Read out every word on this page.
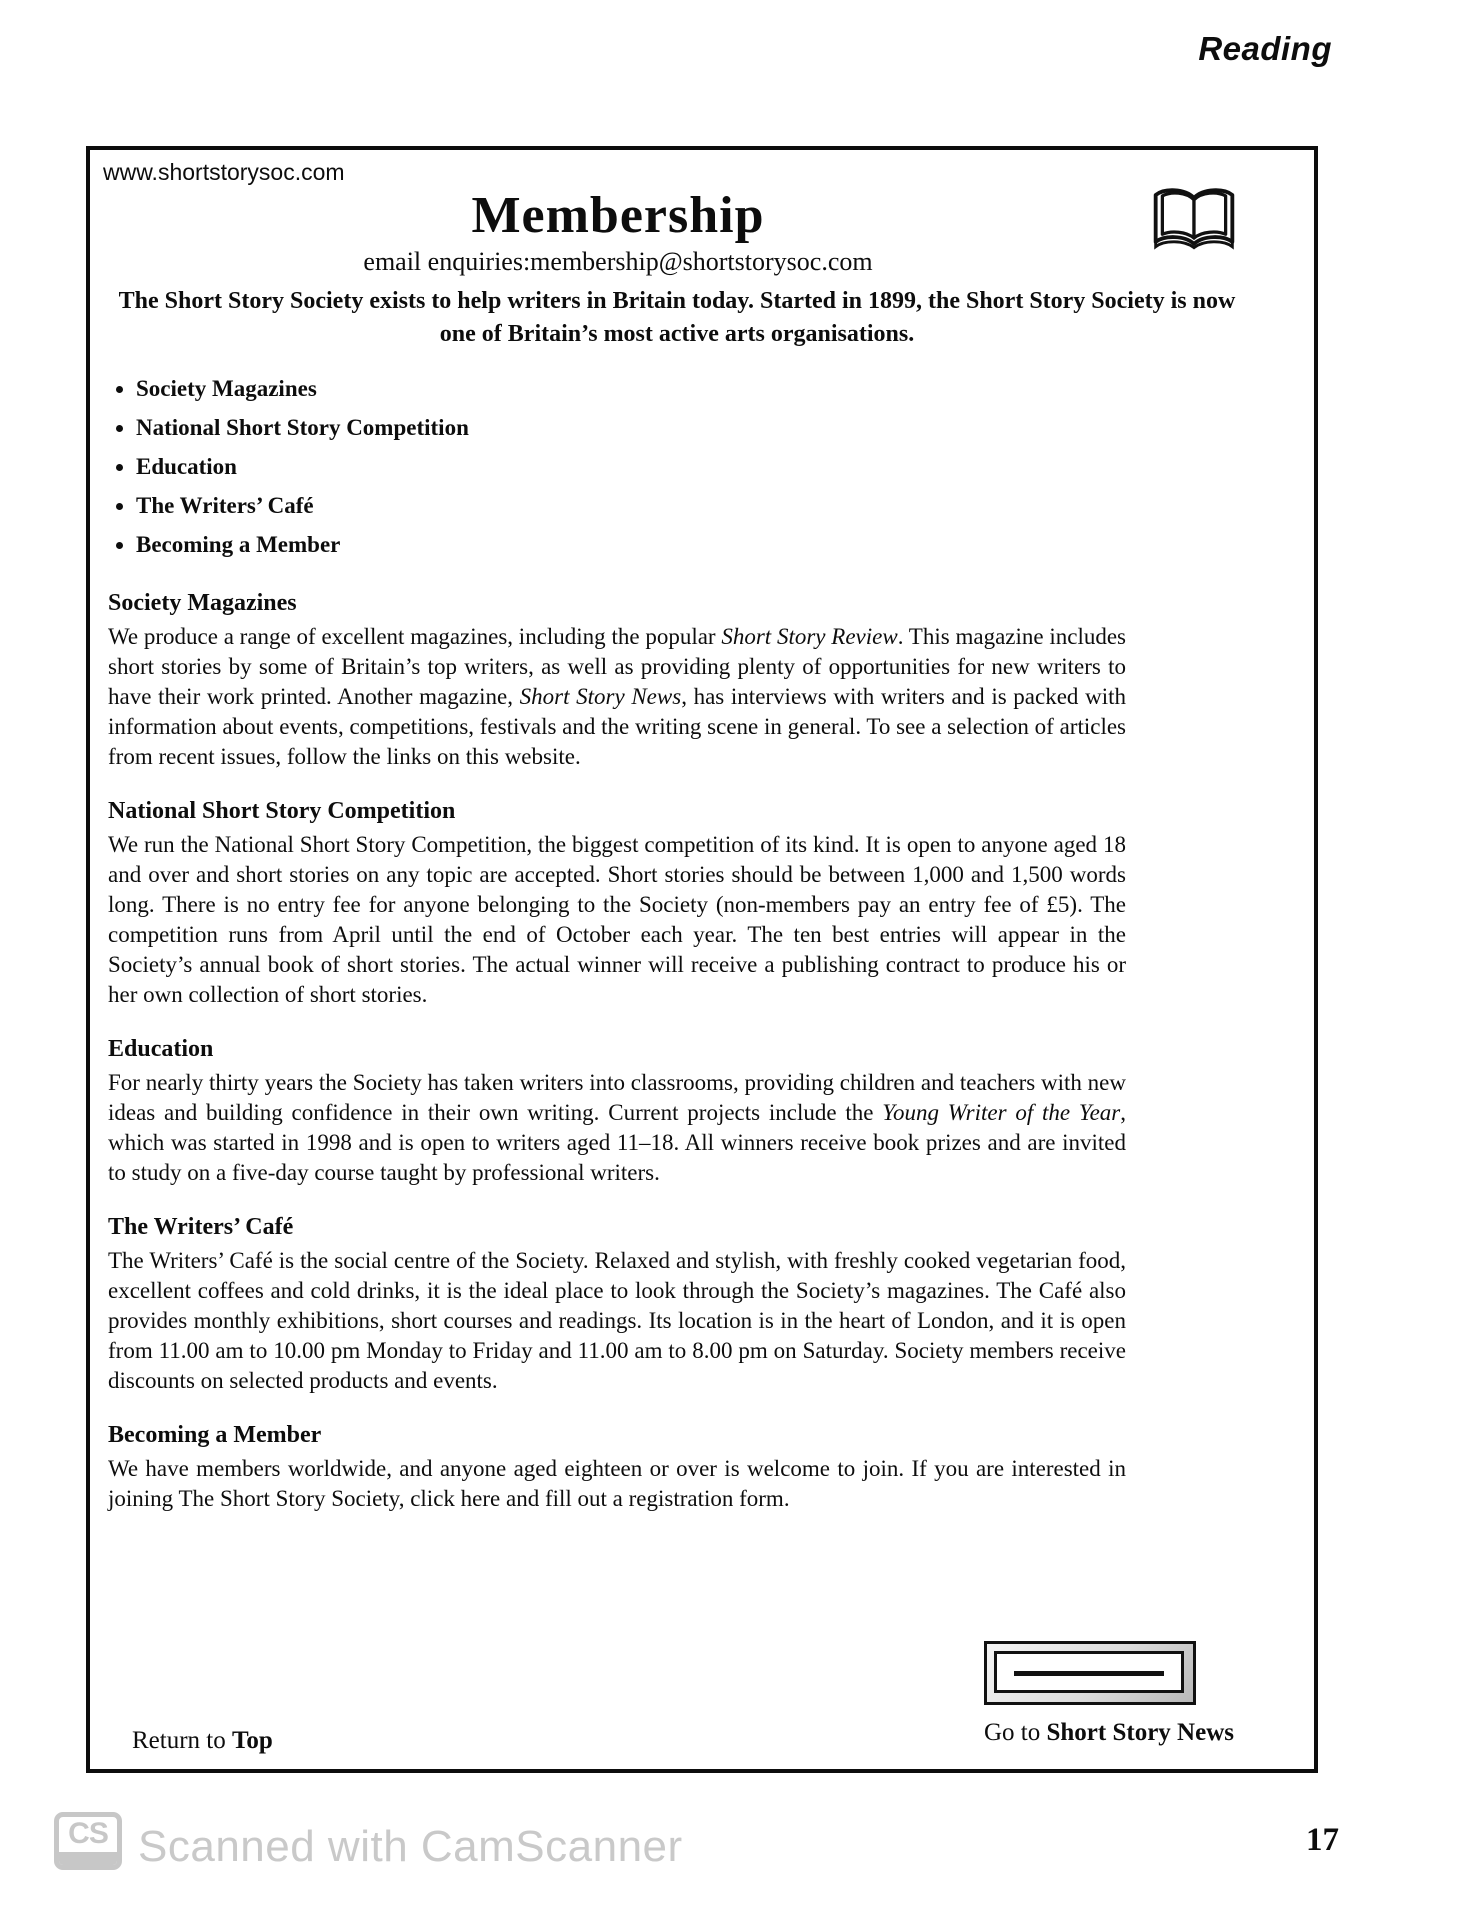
Reading
www.shortstorysoc.com
Membership
email enquiries:membership@shortstorysoc.com
The Short Story Society exists to help writers in Britain today. Started in 1899, the Short Story Society is now one of Britain’s most active arts organisations.
• Society Magazines
• National Short Story Competition
• Education
• The Writers’ Café
• Becoming a Member
Society Magazines

We produce a range of excellent magazines, including the popular Short Story Review. This magazine includes short stories by some of Britain’s top writers, as well as providing plenty of opportunities for new writers to have their work printed. Another magazine, Short Story News, has interviews with writers and is packed with information about events, competitions, festivals and the writing scene in general. To see a selection of articles from recent issues, follow the links on this website.

National Short Story Competition

We run the National Short Story Competition, the biggest competition of its kind. It is open to anyone aged 18 and over and short stories on any topic are accepted. Short stories should be between 1,000 and 1,500 words long. There is no entry fee for anyone belonging to the Society (non-members pay an entry fee of £5). The competition runs from April until the end of October each year. The ten best entries will appear in the Society’s annual book of short stories. The actual winner will receive a publishing contract to produce his or her own collection of short stories.

Education

For nearly thirty years the Society has taken writers into classrooms, providing children and teachers with new ideas and building confidence in their own writing. Current projects include the Young Writer of the Year, which was started in 1998 and is open to writers aged 11–18. All winners receive book prizes and are invited to study on a five-day course taught by professional writers.

The Writers’ Café

The Writers’ Café is the social centre of the Society. Relaxed and stylish, with freshly cooked vegetarian food, excellent coffees and cold drinks, it is the ideal place to look through the Society’s magazines. The Café also provides monthly exhibitions, short courses and readings. Its location is in the heart of London, and it is open from 11.00 am to 10.00 pm Monday to Friday and 11.00 am to 8.00 pm on Saturday. Society members receive discounts on selected products and events.

Becoming a Member

We have members worldwide, and anyone aged eighteen or over is welcome to join. If you are interested in joining The Short Story Society, click here and fill out a registration form.

Go to Short Story News
Return to Top
CS Scanned with CamScanner	17
